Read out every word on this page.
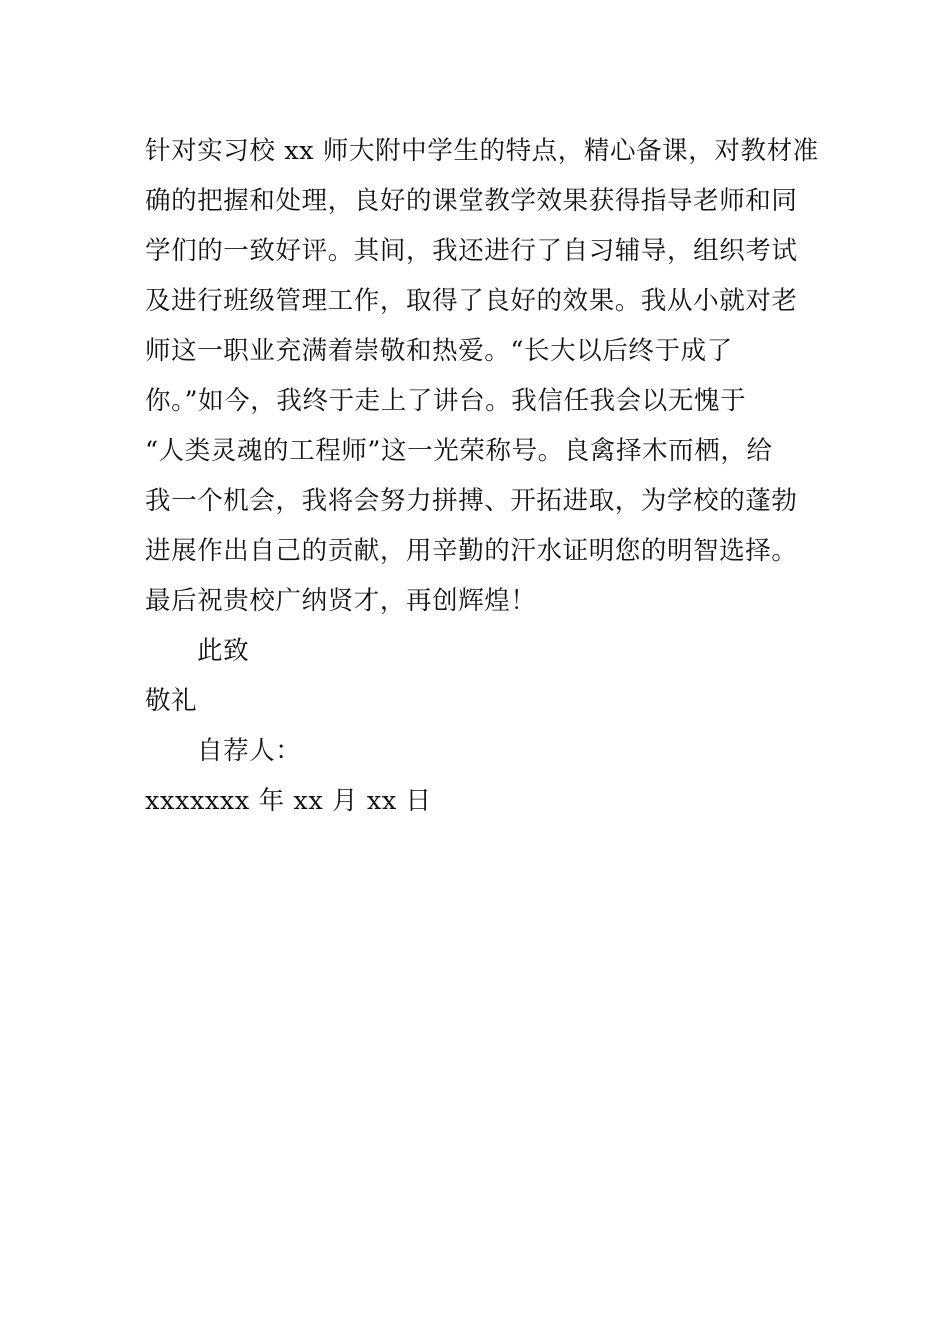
针对实习校 xx 师大附中学生的特点，精心备课，对教材准
确的把握和处理，良好的课堂教学效果获得指导老师和同
学们的一致好评。其间，我还进行了自习辅导，组织考试
及进行班级管理工作，取得了良好的效果。我从小就对老
师这一职业充满着崇敬和热爱。“长大以后终于成了
你。”如今，我终于走上了讲台。我信任我会以无愧于
“人类灵魂的工程师”这一光荣称号。良禽择木而栖，给
我一个机会，我将会努力拼搏、开拓进取，为学校的蓬勃
进展作出自己的贡献，用辛勤的汗水证明您的明智选择。
最后祝贵校广纳贤才，再创辉煌！
此致
敬礼
自荐人：
xxxxxxx 年 xx 月 xx 日
